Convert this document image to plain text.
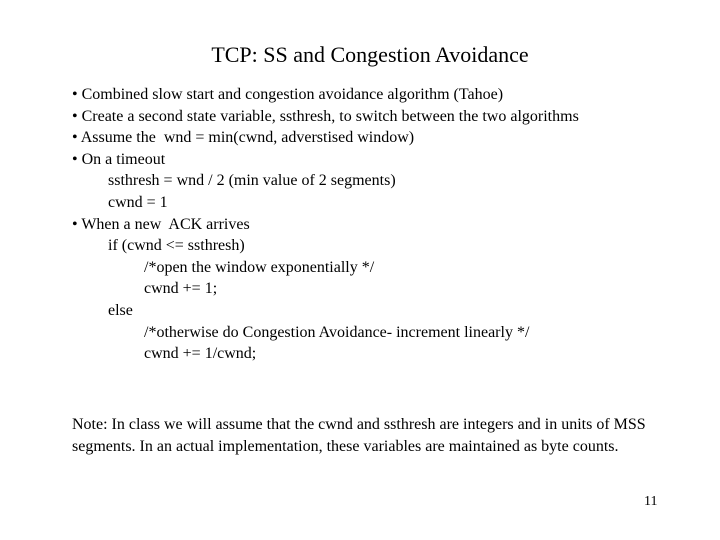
TCP: SS and Congestion Avoidance
• Combined slow start and congestion avoidance algorithm (Tahoe)
• Create a second state variable, ssthresh, to switch between the two algorithms
• Assume the  wnd = min(cwnd, adverstised window)
• On a timeout
ssthresh = wnd / 2 (min value of 2 segments)
cwnd = 1
• When a new  ACK arrives
if (cwnd <= ssthresh)
/*open the window exponentially */
cwnd += 1;
else
/*otherwise do Congestion Avoidance- increment linearly */
cwnd += 1/cwnd;
Note: In class we will assume that the cwnd and ssthresh are integers and in units of MSS segments. In an actual implementation, these variables are maintained as byte counts.
11
